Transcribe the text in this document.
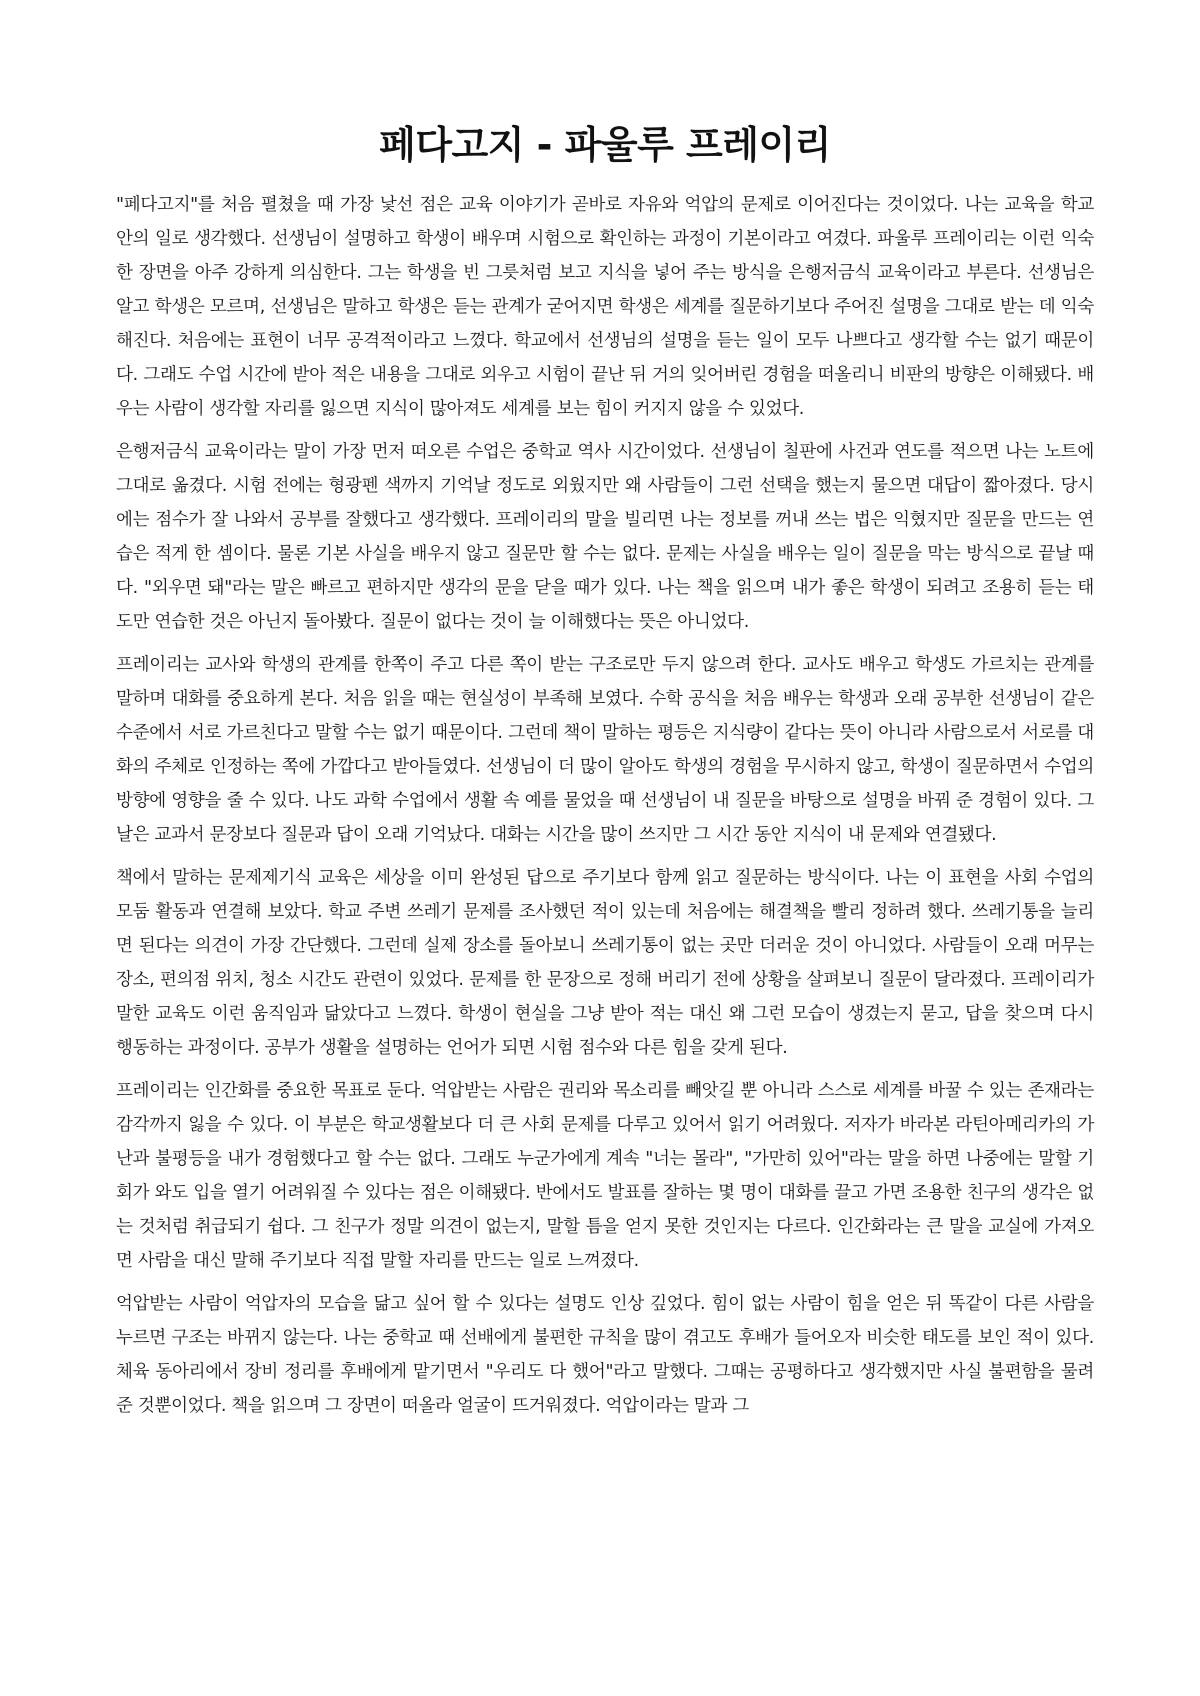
페다고지 - 파울루 프레이리

"페다고지"를 처음 펼쳤을 때 가장 낯선 점은 교육 이야기가 곧바로 자유와 억압의 문제로 이어진다는 것이었다. 나는 교육을 학교 안의 일로 생각했다. 선생님이 설명하고 학생이 배우며 시험으로 확인하는 과정이 기본이라고 여겼다. 파울루 프레이리는 이런 익숙한 장면을 아주 강하게 의심한다. 그는 학생을 빈 그릇처럼 보고 지식을 넣어 주는 방식을 은행저금식 교육이라고 부른다. 선생님은 알고 학생은 모르며, 선생님은 말하고 학생은 듣는 관계가 굳어지면 학생은 세계를 질문하기보다 주어진 설명을 그대로 받는 데 익숙해진다. 처음에는 표현이 너무 공격적이라고 느꼈다. 학교에서 선생님의 설명을 듣는 일이 모두 나쁘다고 생각할 수는 없기 때문이다. 그래도 수업 시간에 받아 적은 내용을 그대로 외우고 시험이 끝난 뒤 거의 잊어버린 경험을 떠올리니 비판의 방향은 이해됐다. 배우는 사람이 생각할 자리를 잃으면 지식이 많아져도 세계를 보는 힘이 커지지 않을 수 있었다.

은행저금식 교육이라는 말이 가장 먼저 떠오른 수업은 중학교 역사 시간이었다. 선생님이 칠판에 사건과 연도를 적으면 나는 노트에 그대로 옮겼다. 시험 전에는 형광펜 색까지 기억날 정도로 외웠지만 왜 사람들이 그런 선택을 했는지 물으면 대답이 짧아졌다. 당시에는 점수가 잘 나와서 공부를 잘했다고 생각했다. 프레이리의 말을 빌리면 나는 정보를 꺼내 쓰는 법은 익혔지만 질문을 만드는 연습은 적게 한 셈이다. 물론 기본 사실을 배우지 않고 질문만 할 수는 없다. 문제는 사실을 배우는 일이 질문을 막는 방식으로 끝날 때다. "외우면 돼"라는 말은 빠르고 편하지만 생각의 문을 닫을 때가 있다. 나는 책을 읽으며 내가 좋은 학생이 되려고 조용히 듣는 태도만 연습한 것은 아닌지 돌아봤다. 질문이 없다는 것이 늘 이해했다는 뜻은 아니었다.

프레이리는 교사와 학생의 관계를 한쪽이 주고 다른 쪽이 받는 구조로만 두지 않으려 한다. 교사도 배우고 학생도 가르치는 관계를 말하며 대화를 중요하게 본다. 처음 읽을 때는 현실성이 부족해 보였다. 수학 공식을 처음 배우는 학생과 오래 공부한 선생님이 같은 수준에서 서로 가르친다고 말할 수는 없기 때문이다. 그런데 책이 말하는 평등은 지식량이 같다는 뜻이 아니라 사람으로서 서로를 대화의 주체로 인정하는 쪽에 가깝다고 받아들였다. 선생님이 더 많이 알아도 학생의 경험을 무시하지 않고, 학생이 질문하면서 수업의 방향에 영향을 줄 수 있다. 나도 과학 수업에서 생활 속 예를 물었을 때 선생님이 내 질문을 바탕으로 설명을 바꿔 준 경험이 있다. 그날은 교과서 문장보다 질문과 답이 오래 기억났다. 대화는 시간을 많이 쓰지만 그 시간 동안 지식이 내 문제와 연결됐다.

책에서 말하는 문제제기식 교육은 세상을 이미 완성된 답으로 주기보다 함께 읽고 질문하는 방식이다. 나는 이 표현을 사회 수업의 모둠 활동과 연결해 보았다. 학교 주변 쓰레기 문제를 조사했던 적이 있는데 처음에는 해결책을 빨리 정하려 했다. 쓰레기통을 늘리면 된다는 의견이 가장 간단했다. 그런데 실제 장소를 돌아보니 쓰레기통이 없는 곳만 더러운 것이 아니었다. 사람들이 오래 머무는 장소, 편의점 위치, 청소 시간도 관련이 있었다. 문제를 한 문장으로 정해 버리기 전에 상황을 살펴보니 질문이 달라졌다. 프레이리가 말한 교육도 이런 움직임과 닮았다고 느꼈다. 학생이 현실을 그냥 받아 적는 대신 왜 그런 모습이 생겼는지 묻고, 답을 찾으며 다시 행동하는 과정이다. 공부가 생활을 설명하는 언어가 되면 시험 점수와 다른 힘을 갖게 된다.

프레이리는 인간화를 중요한 목표로 둔다. 억압받는 사람은 권리와 목소리를 빼앗길 뿐 아니라 스스로 세계를 바꿀 수 있는 존재라는 감각까지 잃을 수 있다. 이 부분은 학교생활보다 더 큰 사회 문제를 다루고 있어서 읽기 어려웠다. 저자가 바라본 라틴아메리카의 가난과 불평등을 내가 경험했다고 할 수는 없다. 그래도 누군가에게 계속 "너는 몰라", "가만히 있어"라는 말을 하면 나중에는 말할 기회가 와도 입을 열기 어려워질 수 있다는 점은 이해됐다. 반에서도 발표를 잘하는 몇 명이 대화를 끌고 가면 조용한 친구의 생각은 없는 것처럼 취급되기 쉽다. 그 친구가 정말 의견이 없는지, 말할 틈을 얻지 못한 것인지는 다르다. 인간화라는 큰 말을 교실에 가져오면 사람을 대신 말해 주기보다 직접 말할 자리를 만드는 일로 느껴졌다.

억압받는 사람이 억압자의 모습을 닮고 싶어 할 수 있다는 설명도 인상 깊었다. 힘이 없는 사람이 힘을 얻은 뒤 똑같이 다른 사람을 누르면 구조는 바뀌지 않는다. 나는 중학교 때 선배에게 불편한 규칙을 많이 겪고도 후배가 들어오자 비슷한 태도를 보인 적이 있다. 체육 동아리에서 장비 정리를 후배에게 맡기면서 "우리도 다 했어"라고 말했다. 그때는 공평하다고 생각했지만 사실 불편함을 물려준 것뿐이었다. 책을 읽으며 그 장면이 떠올라 얼굴이 뜨거워졌다. 억압이라는 말과 그
